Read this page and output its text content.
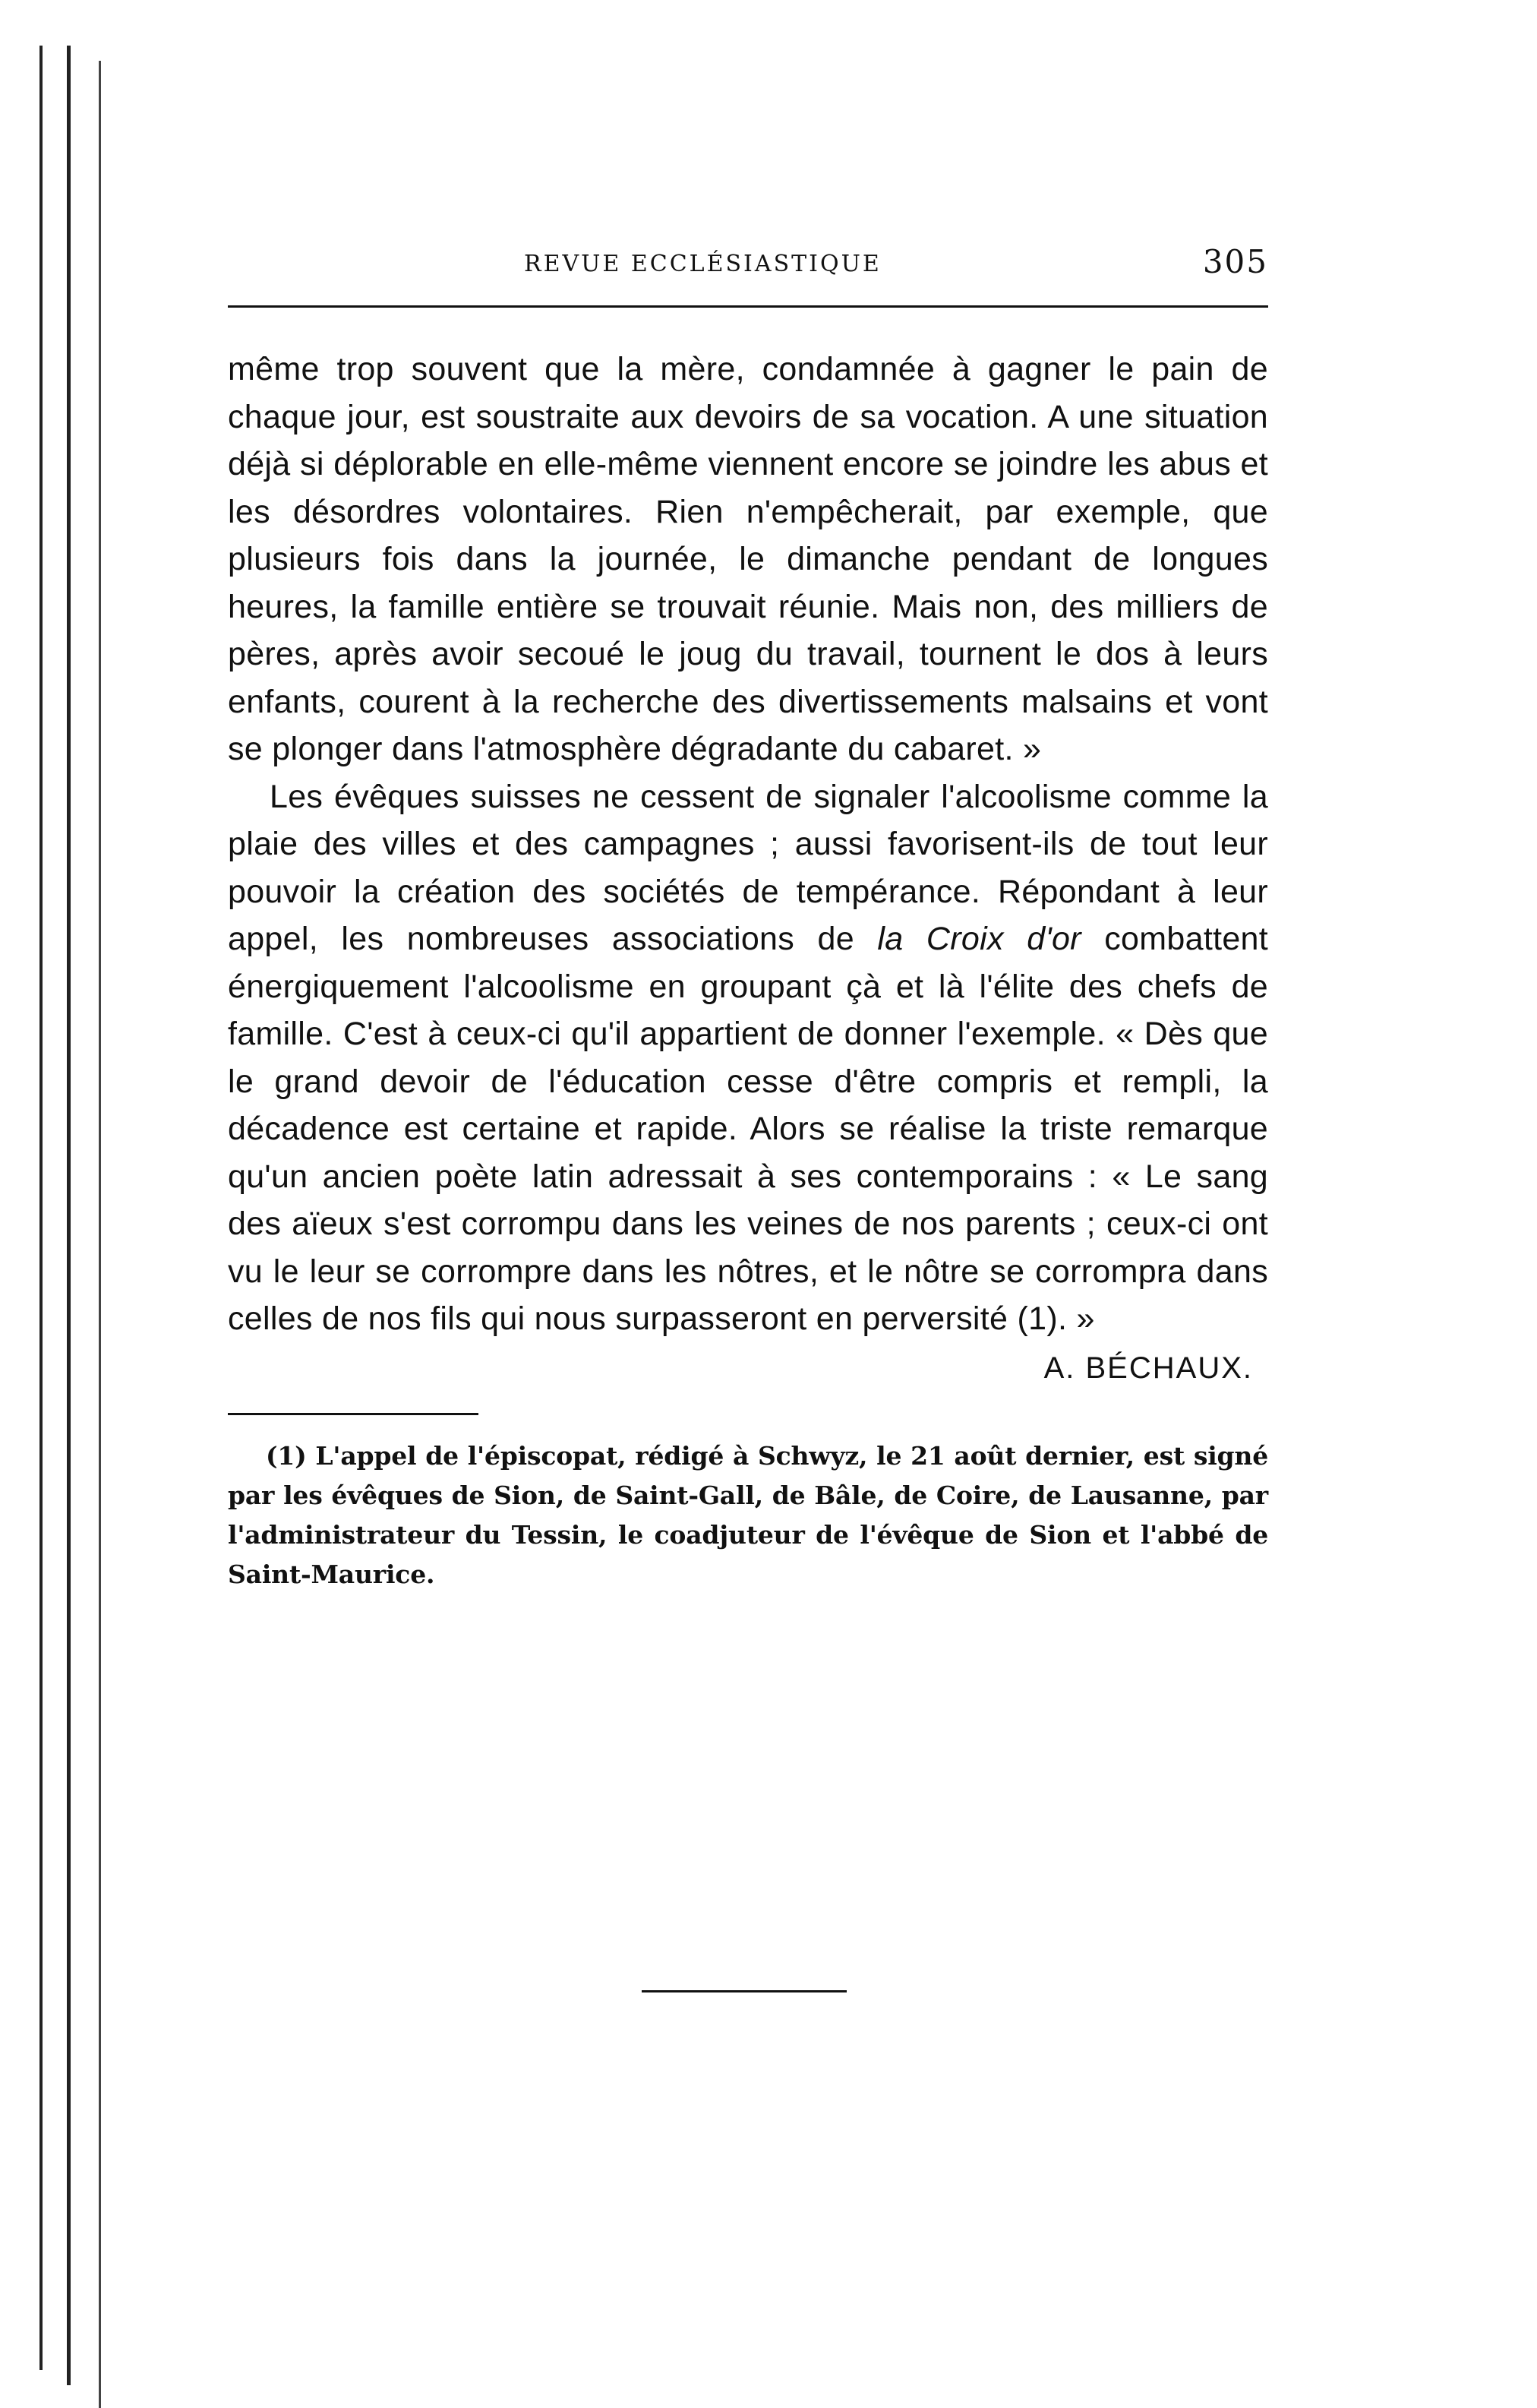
REVUE ECCLÉSIASTIQUE	305

même trop souvent que la mère, condamnée à gagner le pain de chaque jour, est soustraite aux devoirs de sa vocation. A une situation déjà si déplorable en elle-même viennent encore se joindre les abus et les désordres volontaires. Rien n'empêcherait, par exemple, que plusieurs fois dans la journée, le dimanche pendant de longues heures, la famille entière se trouvait réunie. Mais non, des milliers de pères, après avoir secoué le joug du travail, tournent le dos à leurs enfants, courent à la recherche des divertissements malsains et vont se plonger dans l'atmosphère dégradante du cabaret. »

Les évêques suisses ne cessent de signaler l'alcoolisme comme la plaie des villes et des campagnes ; aussi favorisent-ils de tout leur pouvoir la création des sociétés de tempérance. Répondant à leur appel, les nombreuses associations de la Croix d'or combattent énergiquement l'alcoolisme en groupant çà et là l'élite des chefs de famille. C'est à ceux-ci qu'il appartient de donner l'exemple. « Dès que le grand devoir de l'éducation cesse d'être compris et rempli, la décadence est certaine et rapide. Alors se réalise la triste remarque qu'un ancien poète latin adressait à ses contemporains : « Le sang des aïeux s'est corrompu dans les veines de nos parents ; ceux-ci ont vu le leur se corrompre dans les nôtres, et le nôtre se corrompra dans celles de nos fils qui nous surpasseront en perversité (1). »

A. BÉCHAUX.

(1) L'appel de l'épiscopat, rédigé à Schwyz, le 21 août dernier, est signé par les évêques de Sion, de Saint-Gall, de Bâle, de Coire, de Lausanne, par l'administrateur du Tessin, le coadjuteur de l'évêque de Sion et l'abbé de Saint-Maurice.
